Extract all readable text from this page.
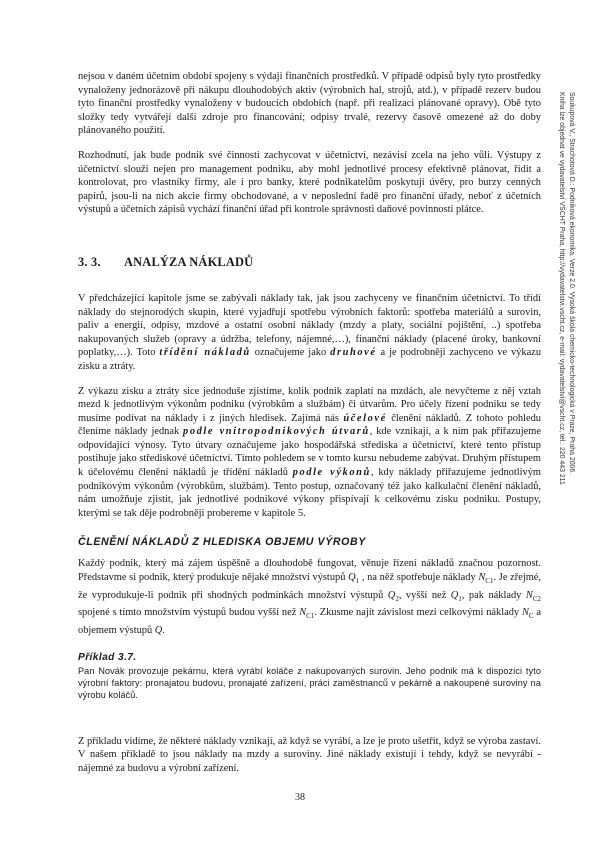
nejsou v daném účetním období spojeny s výdaji finančních prostředků. V případě odpisů byly tyto prostředky vynaloženy jednorázově při nákupu dlouhodobých aktiv (výrobních hal, strojů, atd.), v případě rezerv budou tyto finanční prostředky vynaloženy v budoucích obdobích (např. při realizaci plánované opravy). Obě tyto složky tedy vytvářejí další zdroje pro financování; odpisy trvalé, rezervy časově omezené až do doby plánovaného použití.

Rozhodnutí, jak bude podnik své činnosti zachycovat v účetnictví, nezávisí zcela na jeho vůli. Výstupy z účetnictví slouží nejen pro management podniku, aby mohl jednotlivé procesy efektivně plánovat, řídit a kontrolovat, pro vlastníky firmy, ale i pro banky, které podnikatelům poskytují úvěry, pro burzy cenných papírů, jsou-li na nich akcie firmy obchodované, a v neposlední řadě pro finanční úřady, neboť z účetních výstupů a účetních zápisů vychází finanční úřad při kontrole správnosti daňové povinnosti plátce.

3. 3. ANALÝZA NÁKLADŮ

V předcházející kapitole jsme se zabývali náklady tak, jak jsou zachyceny ve finančním účetnictví. To třídí náklady do stejnorodých skupin, které vyjadřují spotřebu výrobních faktorů: spotřeba materiálů a surovin, paliv a energií, odpisy, mzdové a ostatní osobní náklady (mzdy a platy, sociální pojištění, ..) spotřeba nakupovaných služeb (opravy a údržba, telefony, nájemné,…), finanční náklady (placené úroky, bankovní poplatky,…). Toto třídění nákladů označujeme jako druhové a je podrobněji zachyceno ve výkazu zisku a ztráty.

Z výkazu zisku a ztráty sice jednoduše zjistíme, kolik podnik zaplatí na mzdách, ale nevyčteme z něj vztah mezd k jednotlivým výkonům podniku (výrobkům a službám) či útvarům. Pro účely řízení podniku se tedy musíme podívat na náklady i z jiných hledisek. Zajímá nás účelové členění nákladů. Z tohoto pohledu členíme náklady jednak podle vnitropodnikových útvarů, kde vznikají, a k nim pak přiřazujeme odpovídající výnosy. Tyto útvary označujeme jako hospodářská střediska a účetnictví, které tento přístup postihuje jako střediskové účetnictví. Tímto pohledem se v tomto kursu nebudeme zabývat. Druhým přístupem k účelovému členění nákladů je třídění nákladů podle výkonů, kdy náklady přiřazujeme jednotlivým podnikovým výkonům (výrobkům, službám). Tento postup, označovaný též jako kalkulační členění nákladů, nám umožňuje zjistit, jak jednotlivé podnikové výkony přispívají k celkovému zisku podniku. Postupy, kterými se tak děje podrobněji probereme v kapitole 5.

ČLENĚNÍ NÁKLADŮ Z HLEDISKA OBJEMU VÝROBY

Každý podnik, který má zájem úspěšně a dlouhodobě fungovat, věnuje řízení nákladů značnou pozornost. Představme si podnik, který produkuje nějaké množství výstupů $Q_1$ , na něž spotřebuje náklady $N_{C1}$. Je zřejmé, že vyprodukuje-li podnik při shodných podmínkách množství výstupů $Q_2$, vyšší než $Q_1$, pak náklady $N_{C2}$ spojené s tímto množstvím výstupů budou vyšší než $N_{C1}$. Zkusme najít závislost mezi celkovými náklady $N_C$ a objemem výstupů Q.

Příklad 3.7.

Pan Novák provozuje pekárnu, která vyrábí koláče z nakupovaných surovin. Jeho podnik má k dispozici tyto výrobní faktory: pronajatou budovu, pronajaté zařízení, práci zaměstnanců v pekárně a nakoupené suroviny na výrobu koláčů.

Z příkladu vidíme, že některé náklady vznikají, až když se vyrábí, a lze je proto ušetřit, když se výroba zastaví. V našem příkladě to jsou náklady na mzdy a suroviny. Jiné náklady existují i tehdy, když se nevyrábí - nájemné za budovu a výrobní zařízení.

38
Soukupová V., Strachotová D.: Podniková ekonomika. Verze 2.0. Vysoká škola chemicko-technologická v Praze, Praha 2006.
Kniha lze objednat ve vydavatelství VŠCHT Praha, http://vydavatelstvi.vscht.cz, e-mail: vydavatelstvi@vscht.cz, tel.: 220 443 211
